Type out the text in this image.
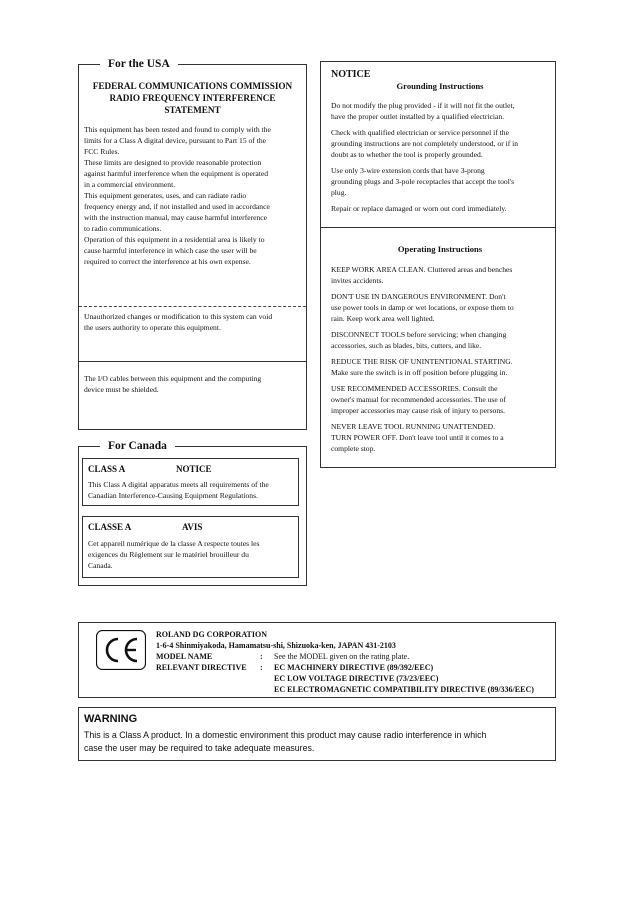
For the USA

FEDERAL COMMUNICATIONS COMMISSION

RADIO FREQUENCY INTERFERENCE

STATEMENT

This equipment has been tested and found to comply with the

limits for a Class A digital device, pursuant to Part 15 of the

FCC Rules.

These limits are designed to provide reasonable protection

against harmful interference when the equipment is operated

in a commercial environment.

This equipment generates, uses, and can radiate radio

frequency energy and, if not installed and used in accordance

with the instruction manual, may cause harmful interference

to radio communications.

Operation of this equipment in a residential area is likely to

cause harmful interference in which case the user will be

required to correct the interference at his own expense.

Unauthorized changes or modification to this system can void

the users authority to operate this equipment.

The I/O cables between this equipment and the computing

device must be shielded.

For Canada
CLASS A	NOTICE

This Class A digital apparatus meets all requirements of the

Canadian Interference-Causing Equipment Regulations.

CLASSE A	AVIS

Cet appareil numérique de la classe A respecte toutes les

exigences du Règlement sur le matériel brouilleur du

Canada.

NOTICE
Grounding Instructions

Do not modify the plug provided - if it will not fit the outlet,

have the proper outlet installed by a qualified electrician.

Check with qualified electrician or service personnel if the

grounding instructions are not completely understood, or if in

doubt as to whether the tool is properly grounded.

Use only 3-wire extension cords that have 3-prong

grounding plugs and 3-pole receptacles that accept the tool's

plug.

Repair or replace damaged or worn out cord immediately.

Operating Instructions

KEEP WORK AREA CLEAN. Cluttered areas and benches

invites accidents.

DON'T USE IN DANGEROUS ENVIRONMENT. Don't

use power tools in damp or wet locations, or expose them to

rain. Keep work area well lighted.

DISCONNECT TOOLS before servicing; when changing

accessories, such as blades, bits, cutters, and like.

REDUCE THE RISK OF UNINTENTIONAL STARTING.

Make sure the switch is in off position before plugging in.

USE RECOMMENDED ACCESSORIES. Consult the

owner's manual for recommended accessories. The use of

improper accessories may cause risk of injury to persons.

NEVER LEAVE TOOL RUNNING UNATTENDED.

TURN POWER OFF. Don't leave tool until it comes to a

complete stop.

ROLAND DG CORPORATION
1-6-4 Shinmiyakoda, Hamamatsu-shi, Shizuoka-ken, JAPAN 431-2103
MODEL NAME	: See the MODEL given on the rating plate.
RELEVANT DIRECTIVE : EC MACHINERY DIRECTIVE (89/392/EEC)
EC LOW VOLTAGE DIRECTIVE (73/23/EEC)
EC ELECTROMAGNETIC COMPATIBILITY DIRECTIVE (89/336/EEC)
WARNING

This is a Class A product. In a domestic environment this product may cause radio interference in which

case the user may be required to take adequate measures.
